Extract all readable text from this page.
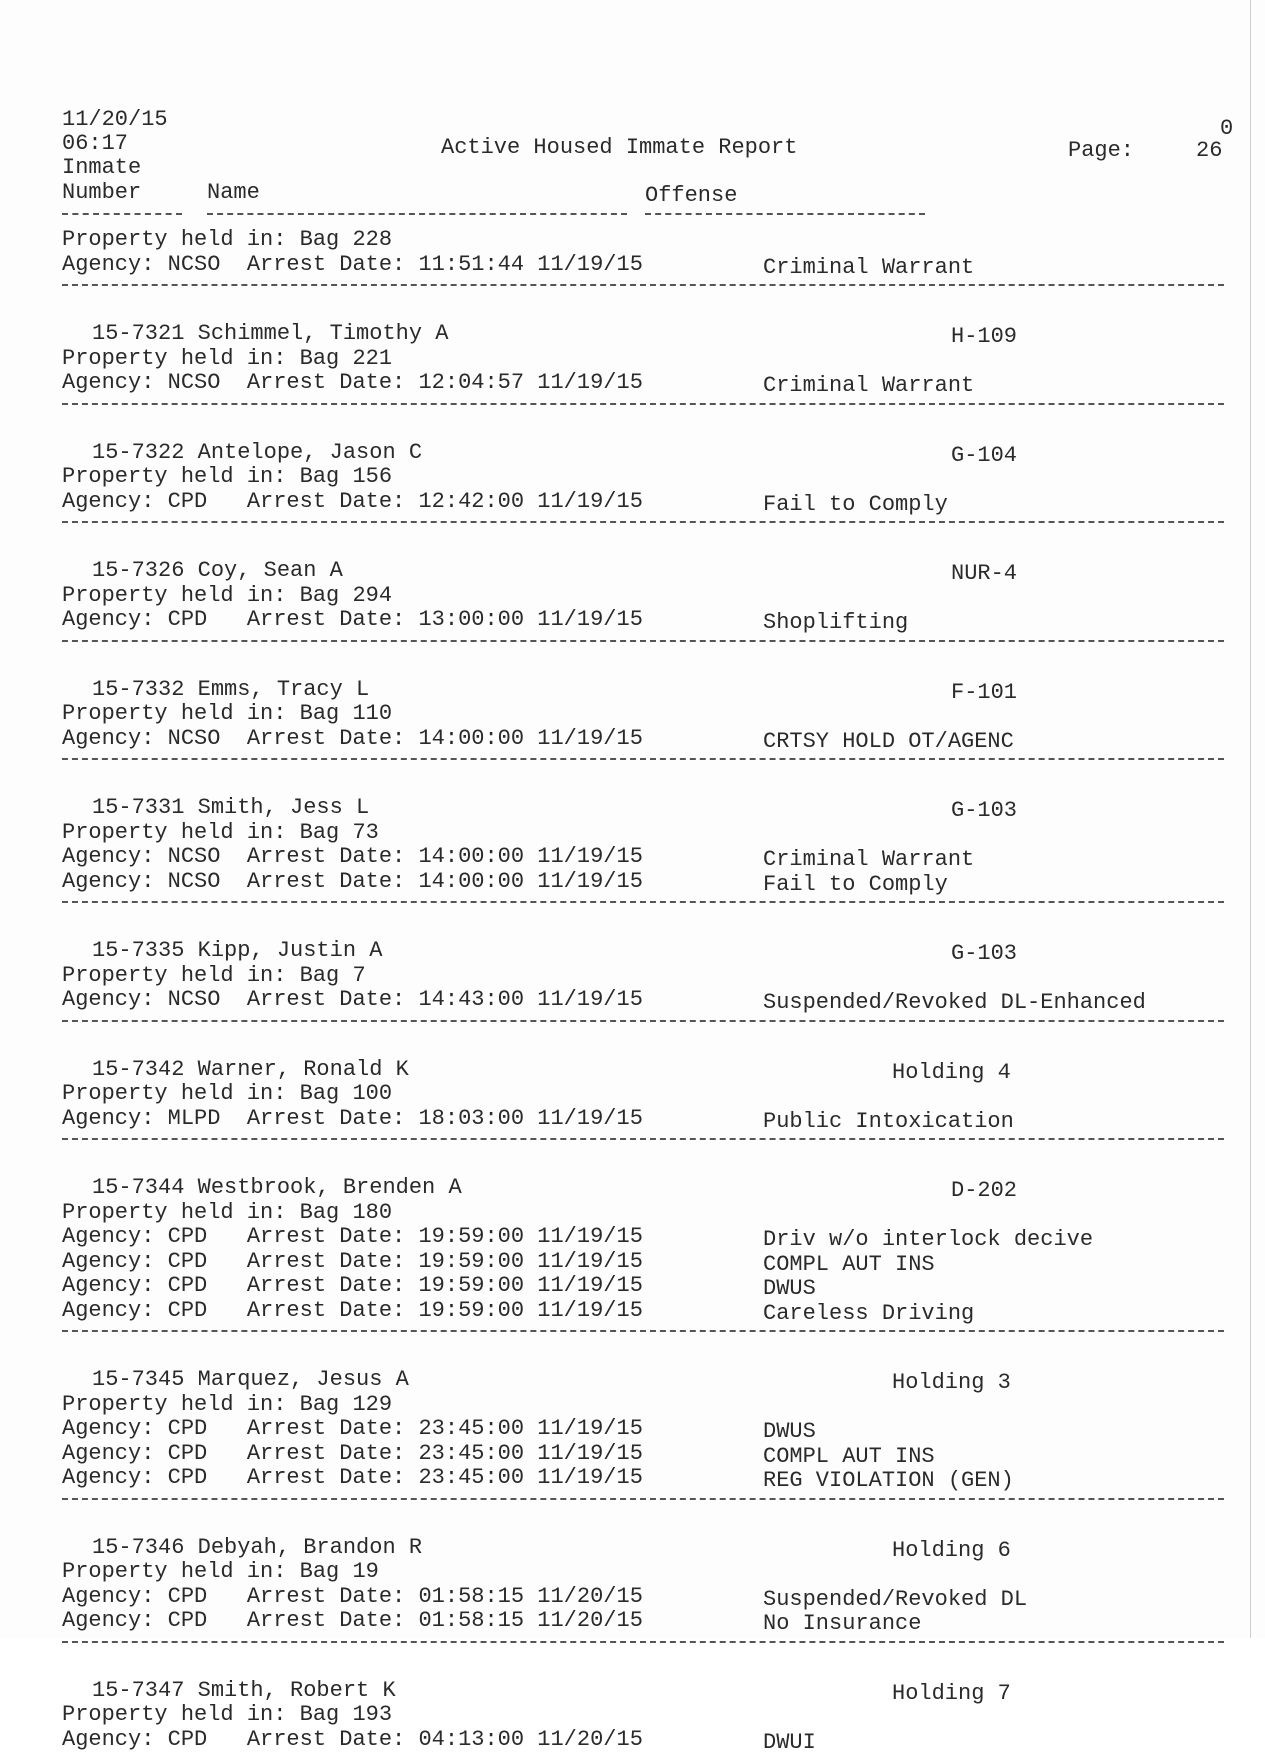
11/20/15
06:17
Inmate
Number	Name	Offense
Active Housed Immate Report	Page:
0
26
Property held in: Bag 228
Agency: NCSO  Arrest Date: 11:51:44 11/19/15	Criminal Warrant
15-7321 Schimmel, Timothy A	H-109
Property held in: Bag 221
Agency: NCSO  Arrest Date: 12:04:57 11/19/15	Criminal Warrant
15-7322 Antelope, Jason C	G-104
Property held in: Bag 156
Agency: CPD   Arrest Date: 12:42:00 11/19/15	Fail to Comply
15-7326 Coy, Sean A	NUR-4
Property held in: Bag 294
Agency: CPD   Arrest Date: 13:00:00 11/19/15	Shoplifting
15-7332 Emms, Tracy L	F-101
Property held in: Bag 110
Agency: NCSO  Arrest Date: 14:00:00 11/19/15	CRTSY HOLD OT/AGENC
15-7331 Smith, Jess L	G-103
Property held in: Bag 73
Agency: NCSO  Arrest Date: 14:00:00 11/19/15	Criminal Warrant
Agency: NCSO  Arrest Date: 14:00:00 11/19/15	Fail to Comply
15-7335 Kipp, Justin A	G-103
Property held in: Bag 7
Agency: NCSO  Arrest Date: 14:43:00 11/19/15	Suspended/Revoked DL-Enhanced
15-7342 Warner, Ronald K	Holding 4
Property held in: Bag 100
Agency: MLPD  Arrest Date: 18:03:00 11/19/15	Public Intoxication
15-7344 Westbrook, Brenden A	D-202
Property held in: Bag 180
Agency: CPD   Arrest Date: 19:59:00 11/19/15	Driv w/o interlock decive
Agency: CPD   Arrest Date: 19:59:00 11/19/15	COMPL AUT INS
Agency: CPD   Arrest Date: 19:59:00 11/19/15	DWUS
Agency: CPD   Arrest Date: 19:59:00 11/19/15	Careless Driving
15-7345 Marquez, Jesus A	Holding 3
Property held in: Bag 129
Agency: CPD   Arrest Date: 23:45:00 11/19/15	DWUS
Agency: CPD   Arrest Date: 23:45:00 11/19/15	COMPL AUT INS
Agency: CPD   Arrest Date: 23:45:00 11/19/15	REG VIOLATION (GEN)
15-7346 Debyah, Brandon R	Holding 6
Property held in: Bag 19
Agency: CPD   Arrest Date: 01:58:15 11/20/15	Suspended/Revoked DL
Agency: CPD   Arrest Date: 01:58:15 11/20/15	No Insurance
15-7347 Smith, Robert K	Holding 7
Property held in: Bag 193
Agency: CPD   Arrest Date: 04:13:00 11/20/15	DWUI
